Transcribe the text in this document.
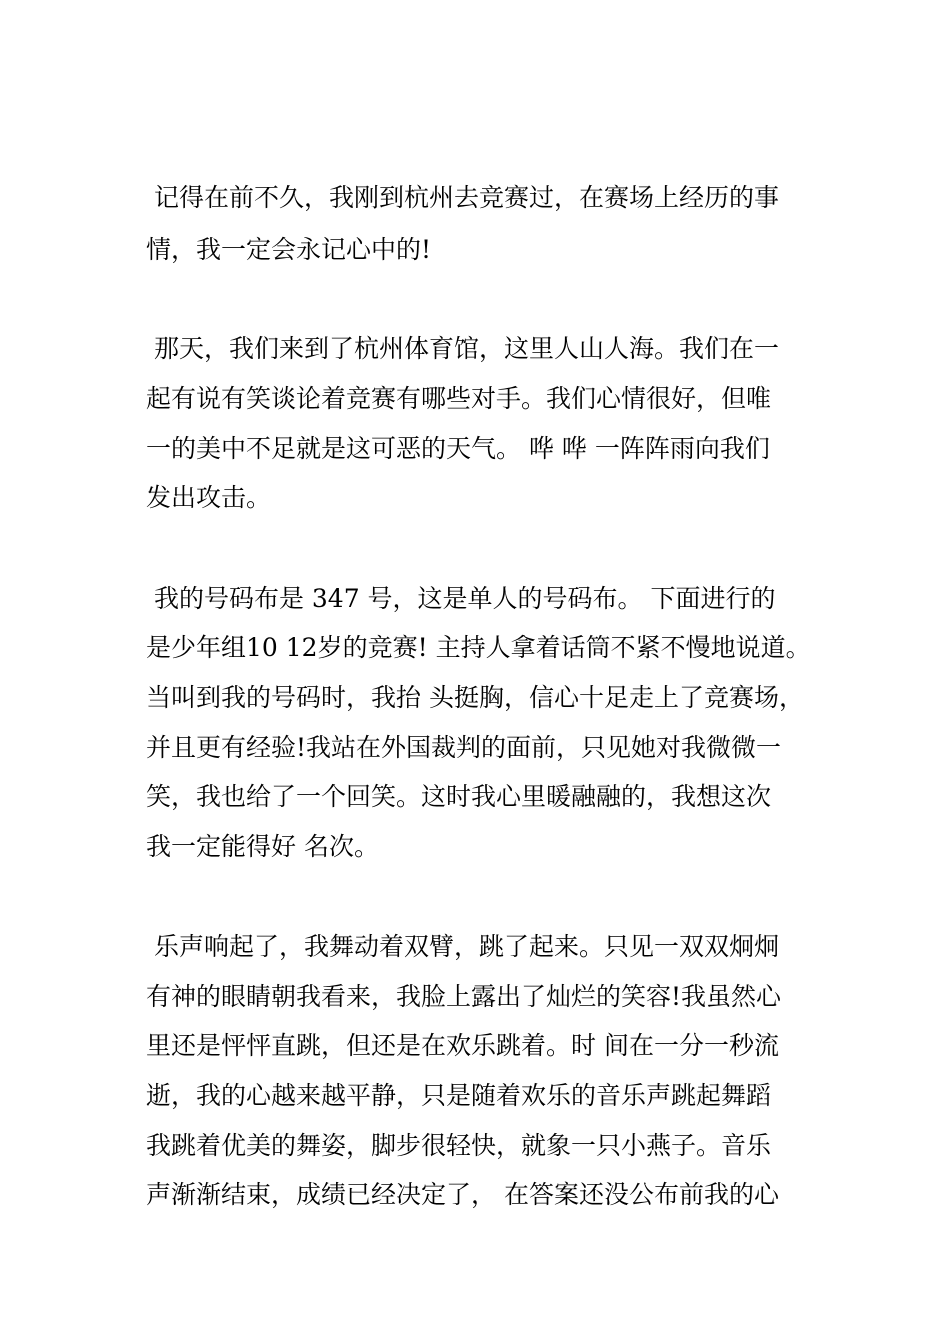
记得在前不久，我刚到杭州去竞赛过，在赛场上经历的事
情，我一定会永记心中的!
那天，我们来到了杭州体育馆，这里人山人海。我们在一
起有说有笑谈论着竞赛有哪些对手。我们心情很好，但唯
一的美中不足就是这可恶的天气。 哗 哗 一阵阵雨向我们
发出攻击。
我的号码布是 347 号，这是单人的号码布。 下面进行的
是少年组10 12岁的竞赛! 主持人拿着话筒不紧不慢地说道。
当叫到我的号码时，我抬 头挺胸，信心十足走上了竞赛场，
并且更有经验!我站在外国裁判的面前，只见她对我微微一
笑，我也给了一个回笑。这时我心里暖融融的，我想这次
我一定能得好 名次。
乐声响起了，我舞动着双臂，跳了起来。只见一双双炯炯
有神的眼睛朝我看来，我脸上露出了灿烂的笑容!我虽然心
里还是怦怦直跳，但还是在欢乐跳着。时 间在一分一秒流
逝，我的心越来越平静，只是随着欢乐的音乐声跳起舞蹈
我跳着优美的舞姿，脚步很轻快，就象一只小燕子。音乐
声渐渐结束，成绩已经决定了， 在答案还没公布前我的心
